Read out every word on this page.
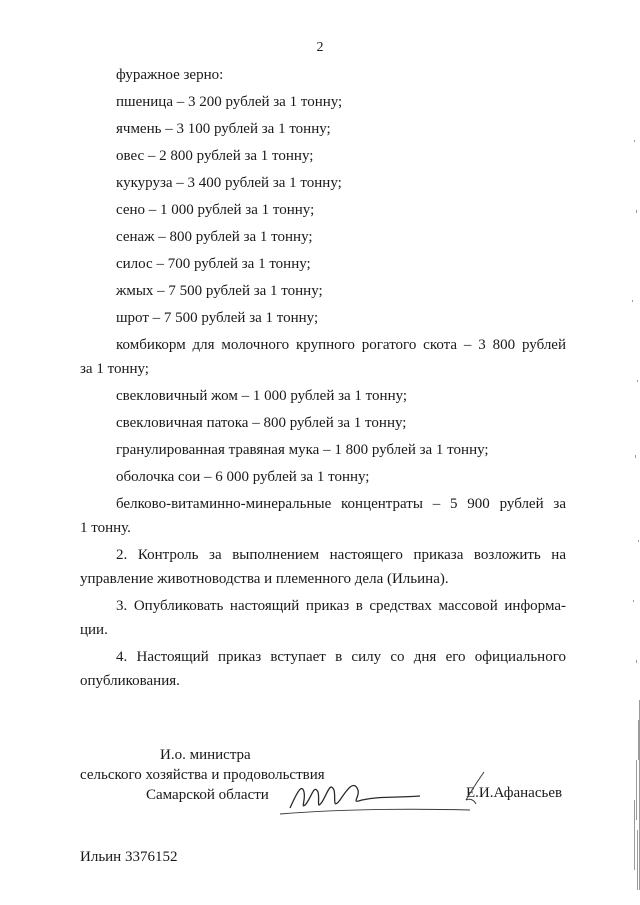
2
фуражное зерно:
пшеница – 3 200 рублей за 1 тонну;
ячмень – 3 100 рублей за 1 тонну;
овес – 2 800 рублей за 1 тонну;
кукуруза – 3 400 рублей за 1 тонну;
сено – 1 000 рублей за 1 тонну;
сенаж – 800 рублей за 1 тонну;
силос – 700 рублей за 1 тонну;
жмых – 7 500 рублей за 1 тонну;
шрот – 7 500 рублей за 1 тонну;
комбикорм для молочного крупного рогатого скота – 3 800 рублей
за 1 тонну;
свекловичный жом – 1 000 рублей за 1 тонну;
свекловичная патока – 800 рублей за 1 тонну;
гранулированная травяная мука – 1 800 рублей за 1 тонну;
оболочка сои – 6 000 рублей за 1 тонну;
белково-витаминно-минеральные концентраты – 5 900 рублей за
1 тонну.
2. Контроль за выполнением настоящего приказа возложить на
управление животноводства и племенного дела (Ильина).
3. Опубликовать настоящий приказ в средствах массовой информа-
ции.
4. Настоящий приказ вступает в силу со дня его официального
опубликования.
И.о. министра
сельского хозяйства и продовольствия
Самарской области	Е.И.Афанасьев
Ильин 3376152
